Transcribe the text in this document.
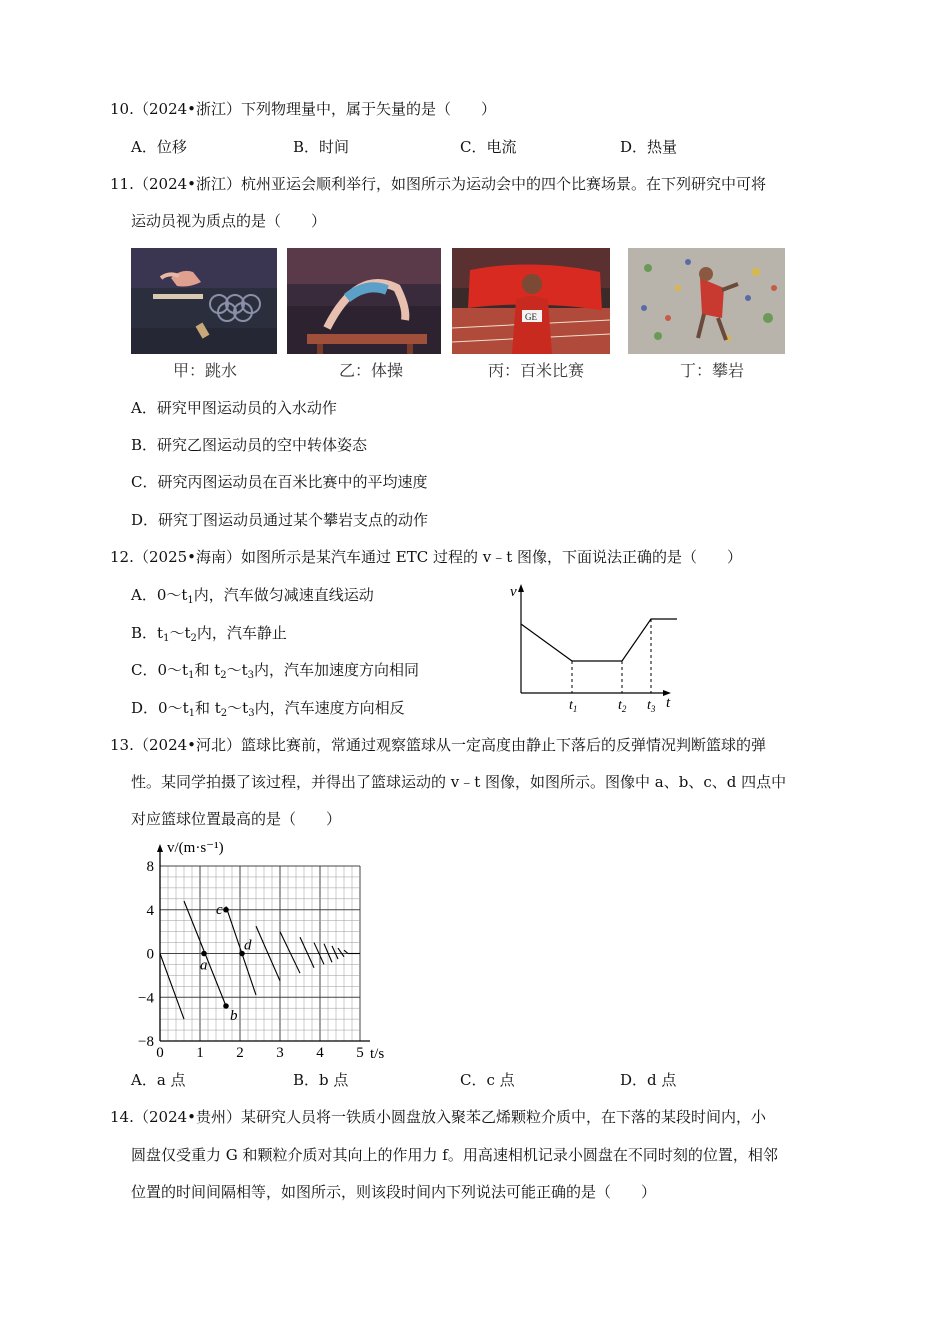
10. （2024•浙江）下列物理量中，属于矢量的是（　　）
A．位移	B．时间	C．电流	D．热量
11. （2024•浙江）杭州亚运会顺利举行，如图所示为运动会中的四个比赛场景。在下列研究中可将
运动员视为质点的是（　　）
甲：跳水	乙：体操
GE
丙：百米比赛	丁：攀岩
A．研究甲图运动员的入水动作
B．研究乙图运动员的空中转体姿态
C．研究丙图运动员在百米比赛中的平均速度
D．研究丁图运动员通过某个攀岩支点的动作
12. （2025•海南）如图所示是某汽车通过 ETC 过程的 v﹣t 图像，下面说法正确的是（　　）
A．$0\sim t_1$内，汽车做匀减速直线运动
B．$t_1\sim t_2$内，汽车静止
C．$0\sim t_1$和 $t_2\sim t_3$内，汽车加速度方向相同
D．$0\sim t_1$和 $t_2\sim t_3$内，汽车速度方向相反
v
t
$t_1$	$t_2$ $t_3$
13. （2024•河北）篮球比赛前，常通过观察篮球从一定高度由静止下落后的反弹情况判断篮球的弹
性。某同学拍摄了该过程，并得出了篮球运动的 v﹣t 图像，如图所示。图像中 a、b、c、d 四点中
对应篮球位置最高的是（　　）
8
4
0
−4
−8
0 1 2 3 4 5
a
b
c
d
v/(m·s⁻¹)
t/s
A．a 点	B．b 点	C．c 点	D．d 点
14. （2024•贵州）某研究人员将一铁质小圆盘放入聚苯乙烯颗粒介质中，在下落的某段时间内，小
圆盘仅受重力 G 和颗粒介质对其向上的作用力 f。用高速相机记录小圆盘在不同时刻的位置，相邻
位置的时间间隔相等，如图所示，则该段时间内下列说法可能正确的是（　　）
